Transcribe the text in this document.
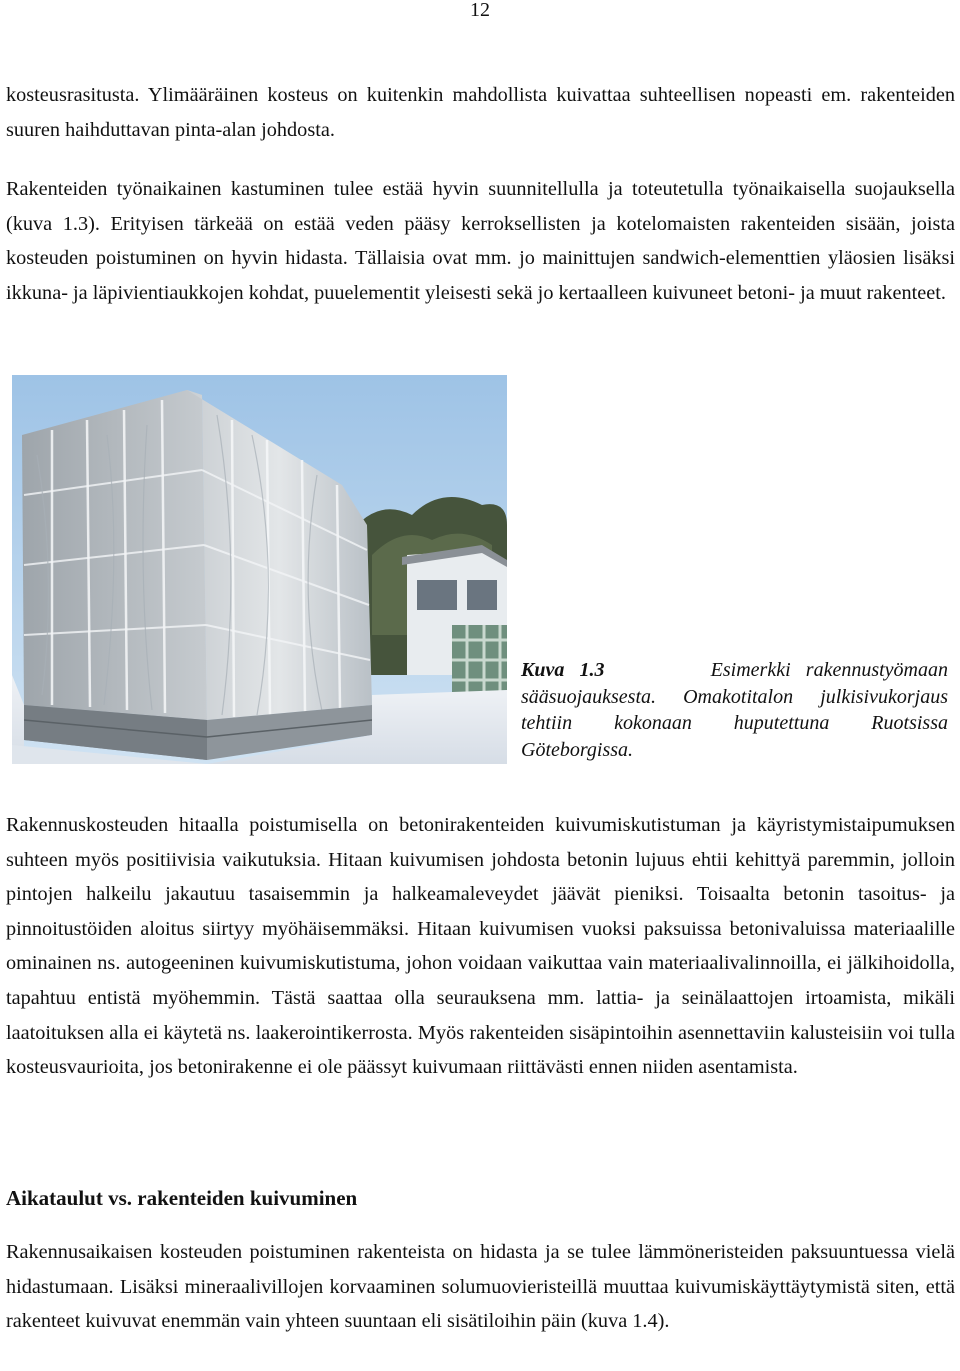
12

kosteusrasitusta. Ylimääräinen kosteus on kuitenkin mahdollista kuivattaa suhteellisen nopeasti em. rakenteiden suuren haihduttavan pinta-alan johdosta.

Rakenteiden työnaikainen kastuminen tulee estää hyvin suunnitellulla ja toteutetulla työnaikaisella suojauksella (kuva 1.3). Erityisen tärkeää on estää veden pääsy kerroksellisten ja kotelomaisten rakenteiden sisään, joista kosteuden poistuminen on hyvin hidasta. Tällaisia ovat mm. jo mainittujen sandwich-elementtien yläosien lisäksi ikkuna- ja läpivientiaukkojen kohdat, puuelementit yleisesti sekä jo kertaalleen kuivuneet betoni- ja muut rakenteet.

Kuva 1.3	Esimerkki rakennustyömaan sääsuojauksesta. Omakotitalon julkisivukorjaus tehtiin kokonaan huputettuna Ruotsissa Göteborgissa.

Rakennuskosteuden hitaalla poistumisella on betonirakenteiden kuivumiskutistuman ja käyristymistaipumuksen suhteen myös positiivisia vaikutuksia. Hitaan kuivumisen johdosta betonin lujuus ehtii kehittyä paremmin, jolloin pintojen halkeilu jakautuu tasaisemmin ja halkeamaleveydet jäävät pieniksi. Toisaalta betonin tasoitus- ja pinnoitustöiden aloitus siirtyy myöhäisemmäksi. Hitaan kuivumisen vuoksi paksuissa betonivaluissa materiaalille ominainen ns. autogeeninen kuivumiskutistuma, johon voidaan vaikuttaa vain materiaalivalinnoilla, ei jälkihoidolla, tapahtuu entistä myöhemmin. Tästä saattaa olla seurauksena mm. lattia- ja seinälaattojen irtoamista, mikäli laatoituksen alla ei käytetä ns. laakerointikerrosta. Myös rakenteiden sisäpintoihin asennettaviin kalusteisiin voi tulla kosteusvaurioita, jos betonirakenne ei ole päässyt kuivumaan riittävästi ennen niiden asentamista.

Aikataulut vs. rakenteiden kuivuminen

Rakennusaikaisen kosteuden poistuminen rakenteista on hidasta ja se tulee lämmöneristeiden paksuuntuessa vielä hidastumaan. Lisäksi mineraalivillojen korvaaminen solumuovieristeillä muuttaa kuivumiskäyttäytymistä siten, että rakenteet kuivuvat enemmän vain yhteen suuntaan eli sisätiloihin päin (kuva 1.4).
